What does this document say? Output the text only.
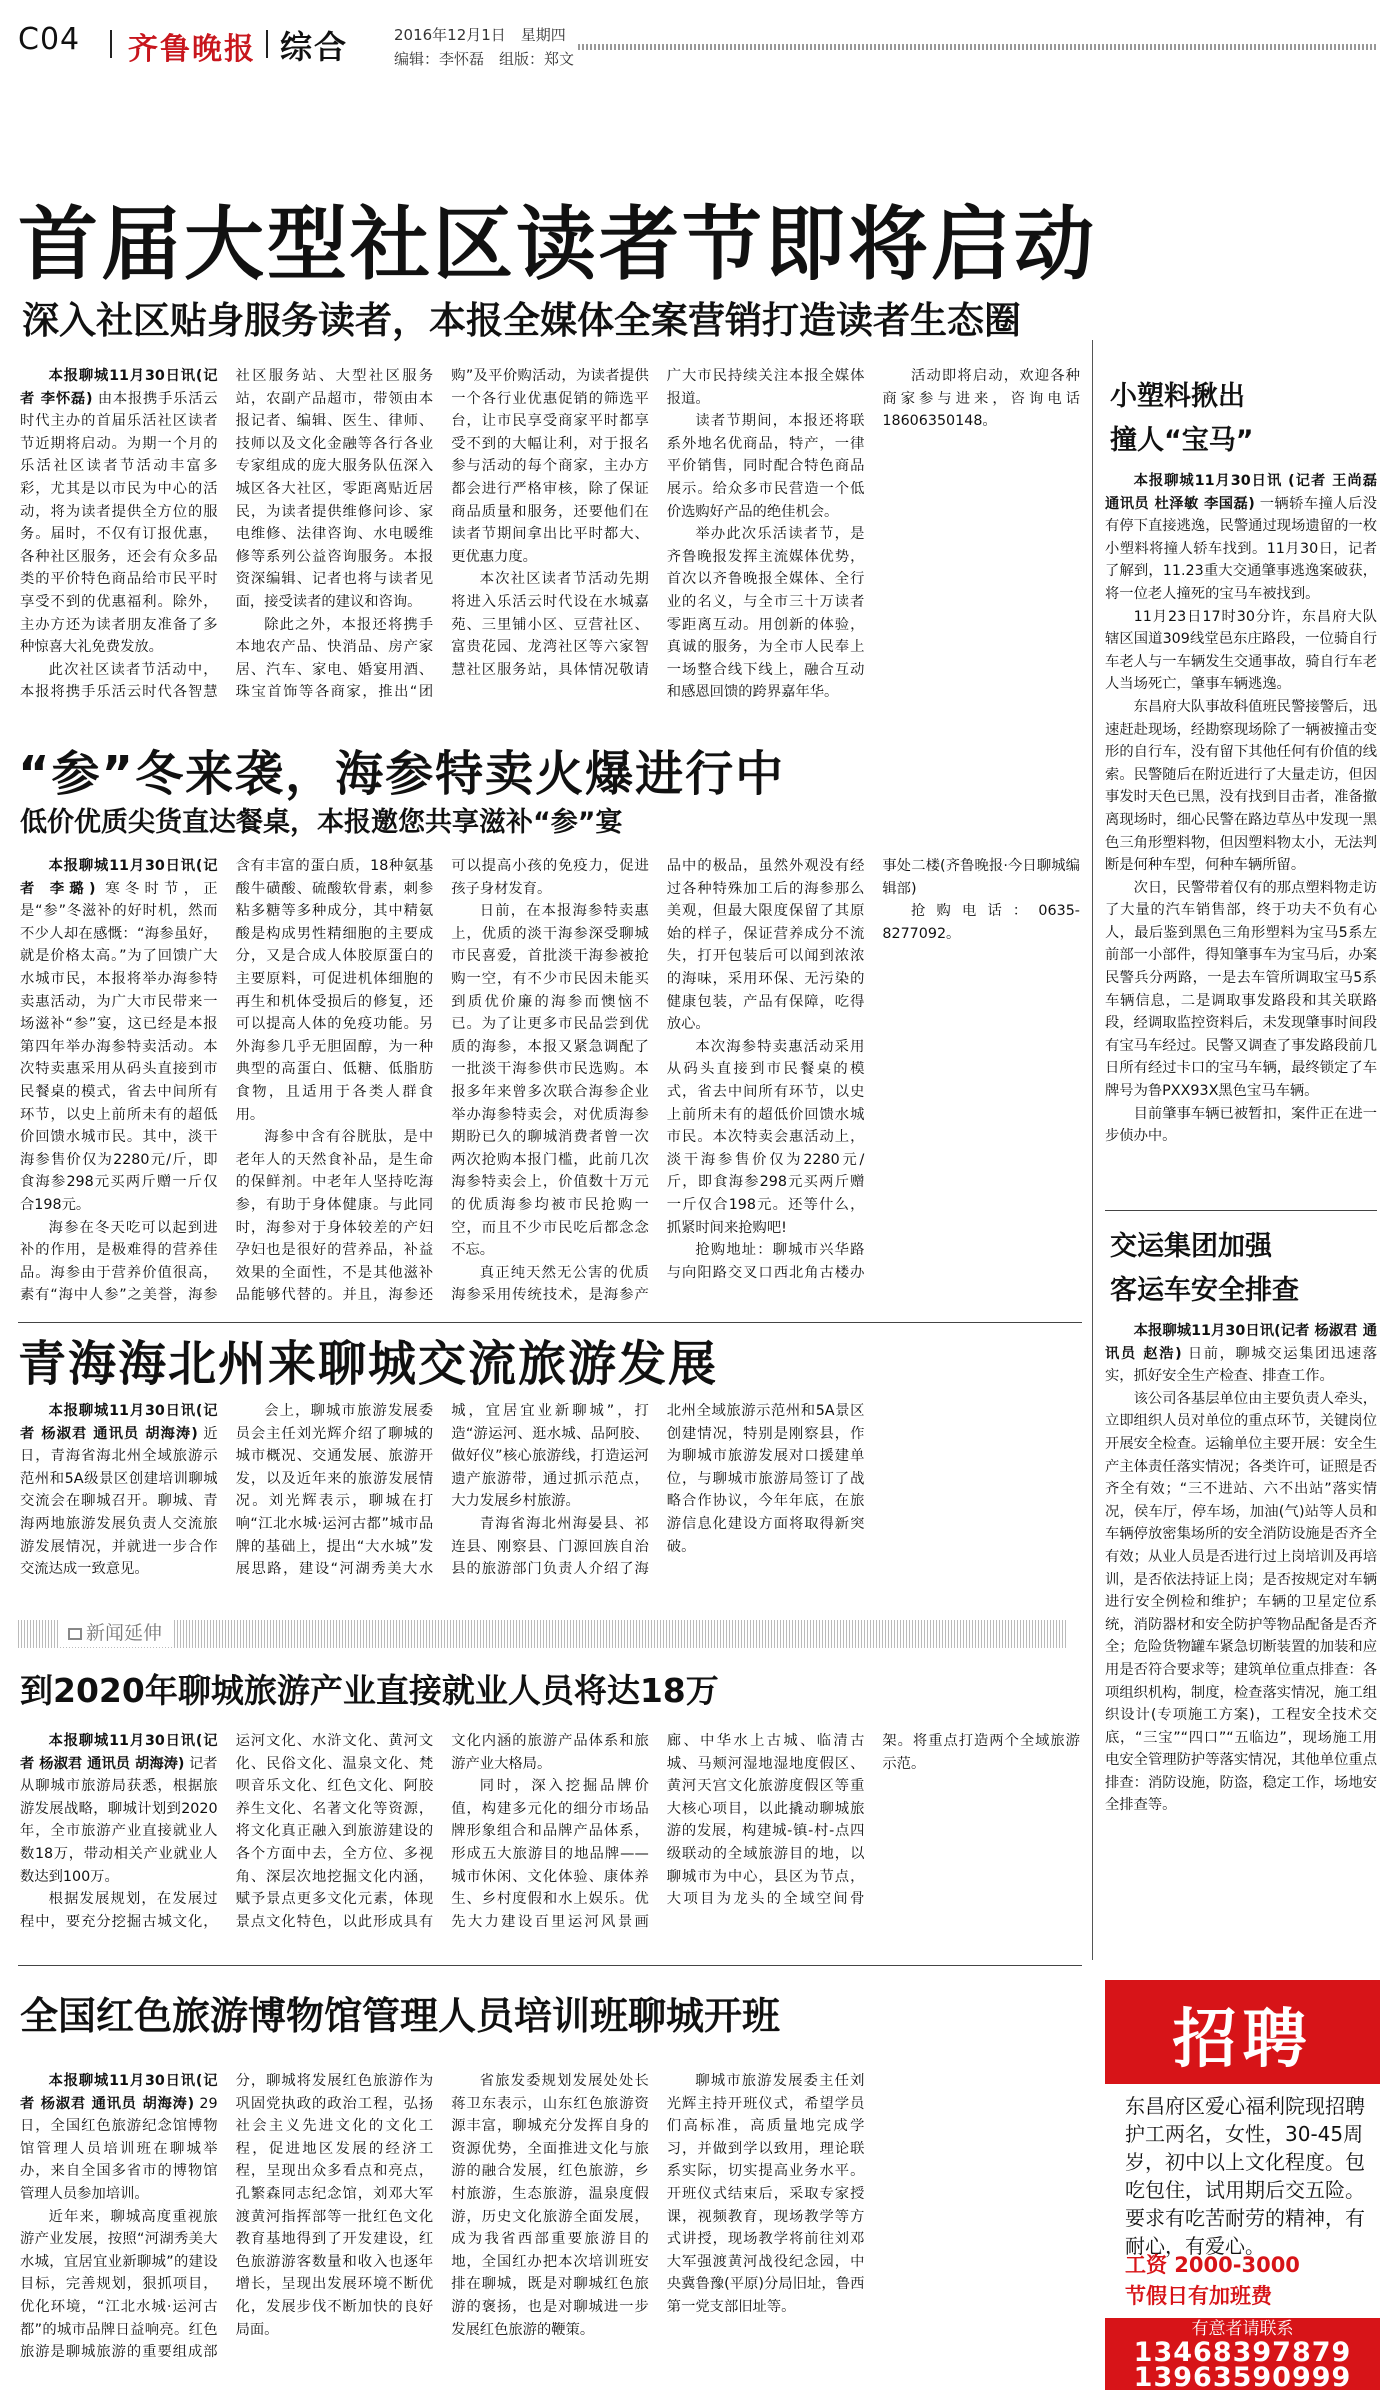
C04 齐鲁晚报 综合	2016年12月1日　星期四
编辑：李怀磊　组版：郑文
首届大型社区读者节即将启动
深入社区贴身服务读者，本报全媒体全案营销打造读者生态圈

本报聊城11月30日讯(记者 李怀磊) 由本报携手乐活云时代主办的首届乐活社区读者节近期将启动。为期一个月的乐活社区读者节活动丰富多彩，尤其是以市民为中心的活动，将为读者提供全方位的服务。届时，不仅有订报优惠，各种社区服务，还会有众多品类的平价特色商品给市民平时享受不到的优惠福利。除外，主办方还为读者朋友准备了多种惊喜大礼免费发放。

此次社区读者节活动中，本报将携手乐活云时代各智慧社区服务站、大型社区服务站，农副产品超市，带领由本报记者、编辑、医生、律师、技师以及文化金融等各行各业专家组成的庞大服务队伍深入城区各大社区，零距离贴近居民，为读者提供维修问诊、家电维修、法律咨询、水电暖维修等系列公益咨询服务。本报资深编辑、记者也将与读者见面，接受读者的建议和咨询。

除此之外，本报还将携手本地农产品、快消品、房产家居、汽车、家电、婚宴用酒、珠宝首饰等各商家，推出“团购”及平价购活动，为读者提供一个各行业优惠促销的筛选平台，让市民享受商家平时都享受不到的大幅让利，对于报名参与活动的每个商家，主办方都会进行严格审核，除了保证商品质量和服务，还要他们在读者节期间拿出比平时都大、更优惠力度。

本次社区读者节活动先期将进入乐活云时代设在水城嘉苑、三里铺小区、豆营社区、富贵花园、龙湾社区等六家智慧社区服务站，具体情况敬请广大市民持续关注本报全媒体报道。

读者节期间，本报还将联系外地名优商品，特产，一律平价销售，同时配合特色商品展示。给众多市民营造一个低价选购好产品的绝佳机会。

举办此次乐活读者节，是齐鲁晚报发挥主流媒体优势，首次以齐鲁晚报全媒体、全行业的名义，与全市三十万读者零距离互动。用创新的体验，真诚的服务，为全市人民奉上一场整合线下线上，融合互动和感恩回馈的跨界嘉年华。

活动即将启动，欢迎各种商家参与进来，咨询电话18606350148。

“参”冬来袭，海参特卖火爆进行中
低价优质尖货直达餐桌，本报邀您共享滋补“参”宴

本报聊城11月30日讯(记者 李璐) 寒冬时节，正是“参”冬滋补的好时机，然而不少人却在感慨：“海参虽好，就是价格太高。”为了回馈广大水城市民，本报将举办海参特卖惠活动，为广大市民带来一场滋补“参”宴，这已经是本报第四年举办海参特卖活动。本次特卖惠采用从码头直接到市民餐桌的模式，省去中间所有环节，以史上前所未有的超低价回馈水城市民。其中，淡干海参售价仅为2280元/斤，即食海参298元买两斤赠一斤仅合198元。

海参在冬天吃可以起到进补的作用，是极难得的营养佳品。海参由于营养价值很高，素有“海中人参”之美誉，海参含有丰富的蛋白质，18种氨基酸牛磺酸、硫酸软骨素，刺参粘多糖等多种成分，其中精氨酸是构成男性精细胞的主要成分，又是合成人体胶原蛋白的主要原料，可促进机体细胞的再生和机体受损后的修复，还可以提高人体的免疫功能。另外海参几乎无胆固醇，为一种典型的高蛋白、低糖、低脂肪食物，且适用于各类人群食用。

海参中含有谷胱肽，是中老年人的天然食补品，是生命的保鲜剂。中老年人坚持吃海参，有助于身体健康。与此同时，海参对于身体较差的产妇孕妇也是很好的营养品，补益效果的全面性，不是其他滋补品能够代替的。并且，海参还可以提高小孩的免疫力，促进孩子身材发育。

日前，在本报海参特卖惠上，优质的淡干海参深受聊城市民喜爱，首批淡干海参被抢购一空，有不少市民因未能买到质优价廉的海参而懊恼不已。为了让更多市民品尝到优质的海参，本报又紧急调配了一批淡干海参供市民选购。本报多年来曾多次联合海参企业举办海参特卖会，对优质海参期盼已久的聊城消费者曾一次两次抢购本报门槛，此前几次海参特卖会上，价值数十万元的优质海参均被市民抢购一空，而且不少市民吃后都念念不忘。

真正纯天然无公害的优质海参采用传统技术，是海参产品中的极品，虽然外观没有经过各种特殊加工后的海参那么美观，但最大限度保留了其原始的样子，保证营养成分不流失，打开包装后可以闻到浓浓的海味，采用环保、无污染的健康包装，产品有保障，吃得放心。

本次海参特卖惠活动采用从码头直接到市民餐桌的模式，省去中间所有环节，以史上前所未有的超低价回馈水城市民。本次特卖会惠活动上，淡干海参售价仅为2280元/斤，即食海参298元买两斤赠一斤仅合198元。还等什么，抓紧时间来抢购吧!

抢购地址：聊城市兴华路与向阳路交叉口西北角古楼办事处二楼(齐鲁晚报·今日聊城编辑部)

抢购电话：0635-8277092。

青海海北州来聊城交流旅游发展

本报聊城11月30日讯(记者 杨淑君 通讯员 胡海涛) 近日，青海省海北州全域旅游示范州和5A级景区创建培训聊城交流会在聊城召开。聊城、青海两地旅游发展负责人交流旅游发展情况，并就进一步合作交流达成一致意见。

会上，聊城市旅游发展委员会主任刘光辉介绍了聊城的城市概况、交通发展、旅游开发，以及近年来的旅游发展情况。刘光辉表示，聊城在打响“江北水城·运河古都”城市品牌的基础上，提出“大水城”发展思路，建设“河湖秀美大水城，宜居宜业新聊城”，打造“游运河、逛水城、品阿胶、做好仪”核心旅游线，打造运河遗产旅游带，通过抓示范点，大力发展乡村旅游。

青海省海北州海晏县、祁连县、刚察县、门源回族自治县的旅游部门负责人介绍了海北州全域旅游示范州和5A景区创建情况，特别是刚察县，作为聊城市旅游发展对口援建单位，与聊城市旅游局签订了战略合作协议，今年年底，在旅游信息化建设方面将取得新突破。

新闻延伸
到2020年聊城旅游产业直接就业人员将达18万

本报聊城11月30日讯(记者 杨淑君 通讯员 胡海涛) 记者从聊城市旅游局获悉，根据旅游发展战略，聊城计划到2020年，全市旅游产业直接就业人数18万，带动相关产业就业人数达到100万。

根据发展规划，在发展过程中，要充分挖掘古城文化，运河文化、水浒文化、黄河文化、民俗文化、温泉文化、梵呗音乐文化、红色文化、阿胶养生文化、名著文化等资源，将文化真正融入到旅游建设的各个方面中去，全方位、多视角、深层次地挖掘文化内涵，赋予景点更多文化元素，体现景点文化特色，以此形成具有文化内涵的旅游产品体系和旅游产业大格局。

同时，深入挖掘品牌价值，构建多元化的细分市场品牌形象组合和品牌产品体系，形成五大旅游目的地品牌——城市休闲、文化体验、康体养生、乡村度假和水上娱乐。优先大力建设百里运河风景画廊、中华水上古城、临清古城、马颊河湿地湿地度假区、黄河天宫文化旅游度假区等重大核心项目，以此撬动聊城旅游的发展，构建城-镇-村-点四级联动的全域旅游目的地，以聊城市为中心，县区为节点，大项目为龙头的全域空间骨架。将重点打造两个全域旅游示范。

全国红色旅游博物馆管理人员培训班聊城开班

本报聊城11月30日讯(记者 杨淑君 通讯员 胡海涛) 29日，全国红色旅游纪念馆博物馆管理人员培训班在聊城举办，来自全国多省市的博物馆管理人员参加培训。

近年来，聊城高度重视旅游产业发展，按照“河湖秀美大水城，宜居宜业新聊城”的建设目标，完善规划，狠抓项目，优化环境，“江北水城·运河古都”的城市品牌日益响亮。红色旅游是聊城旅游的重要组成部分，聊城将发展红色旅游作为巩固党执政的政治工程，弘扬社会主义先进文化的文化工程，促进地区发展的经济工程，呈现出众多看点和亮点，孔繁森同志纪念馆，刘邓大军渡黄河指挥部等一批红色文化教育基地得到了开发建设，红色旅游游客数量和收入也逐年增长，呈现出发展环境不断优化，发展步伐不断加快的良好局面。

省旅发委规划发展处处长蒋卫东表示，山东红色旅游资源丰富，聊城充分发挥自身的资源优势，全面推进文化与旅游的融合发展，红色旅游，乡村旅游，生态旅游，温泉度假游，历史文化旅游全面发展，成为我省西部重要旅游目的地，全国红办把本次培训班安排在聊城，既是对聊城红色旅游的褒扬，也是对聊城进一步发展红色旅游的鞭策。

聊城市旅游发展委主任刘光辉主持开班仪式，希望学员们高标准，高质量地完成学习，并做到学以致用，理论联系实际，切实提高业务水平。开班仪式结束后，采取专家授课，视频教育，现场教学等方式讲授，现场教学将前往刘邓大军强渡黄河战役纪念园，中央冀鲁豫(平原)分局旧址，鲁西第一党支部旧址等。

小塑料揪出
撞人“宝马”

本报聊城11月30日讯 (记者 王尚磊 通讯员 杜泽敏 李国磊) 一辆轿车撞人后没有停下直接逃逸，民警通过现场遗留的一枚小塑料将撞人轿车找到。11月30日，记者了解到，11.23重大交通肇事逃逸案破获，将一位老人撞死的宝马车被找到。

11月23日17时30分许，东昌府大队辖区国道309线堂邑东庄路段，一位骑自行车老人与一车辆发生交通事故，骑自行车老人当场死亡，肇事车辆逃逸。

东昌府大队事故科值班民警接警后，迅速赶赴现场，经勘察现场除了一辆被撞击变形的自行车，没有留下其他任何有价值的线索。民警随后在附近进行了大量走访，但因事发时天色已黑，没有找到目击者，准备撤离现场时，细心民警在路边草丛中发现一黑色三角形塑料物，但因塑料物太小，无法判断是何种车型，何种车辆所留。

次日，民警带着仅有的那点塑料物走访了大量的汽车销售部，终于功夫不负有心人，最后鉴到黑色三角形塑料为宝马5系左前部一小部件，得知肇事车为宝马后，办案民警兵分两路，一是去车管所调取宝马5系车辆信息，二是调取事发路段和其关联路段，经调取监控资料后，未发现肇事时间段有宝马车经过。民警又调查了事发路段前几日所有经过卡口的宝马车辆，最终锁定了车牌号为鲁PXX93X黑色宝马车辆。

目前肇事车辆已被暂扣，案件正在进一步侦办中。

交运集团加强
客运车安全排查

本报聊城11月30日讯(记者 杨淑君 通讯员 赵浩) 日前，聊城交运集团迅速落实，抓好安全生产检查、排查工作。

该公司各基层单位由主要负责人牵头，立即组织人员对单位的重点环节，关键岗位开展安全检查。运输单位主要开展：安全生产主体责任落实情况；各类许可，证照是否齐全有效；“三不进站、六不出站”落实情况，侯车厅，停车场，加油(气)站等人员和车辆停放密集场所的安全消防设施是否齐全有效；从业人员是否进行过上岗培训及再培训，是否依法持证上岗；是否按规定对车辆进行安全例检和维护；车辆的卫星定位系统，消防器材和安全防护等物品配备是否齐全；危险货物罐车紧急切断装置的加装和应用是否符合要求等；建筑单位重点排查：各项组织机构，制度，检查落实情况，施工组织设计(专项施工方案)，工程安全技术交底，“三宝”“四口”“五临边”，现场施工用电安全管理防护等落实情况，其他单位重点排查：消防设施，防盗，稳定工作，场地安全排查等。

招聘
东昌府区爱心福利院现招聘护工两名，女性，30-45周岁，初中以上文化程度。包吃包住，试用期后交五险。要求有吃苦耐劳的精神，有耐心，有爱心。
工资 2000-3000
节假日有加班费
有意者请联系
13468397879
13963590999
